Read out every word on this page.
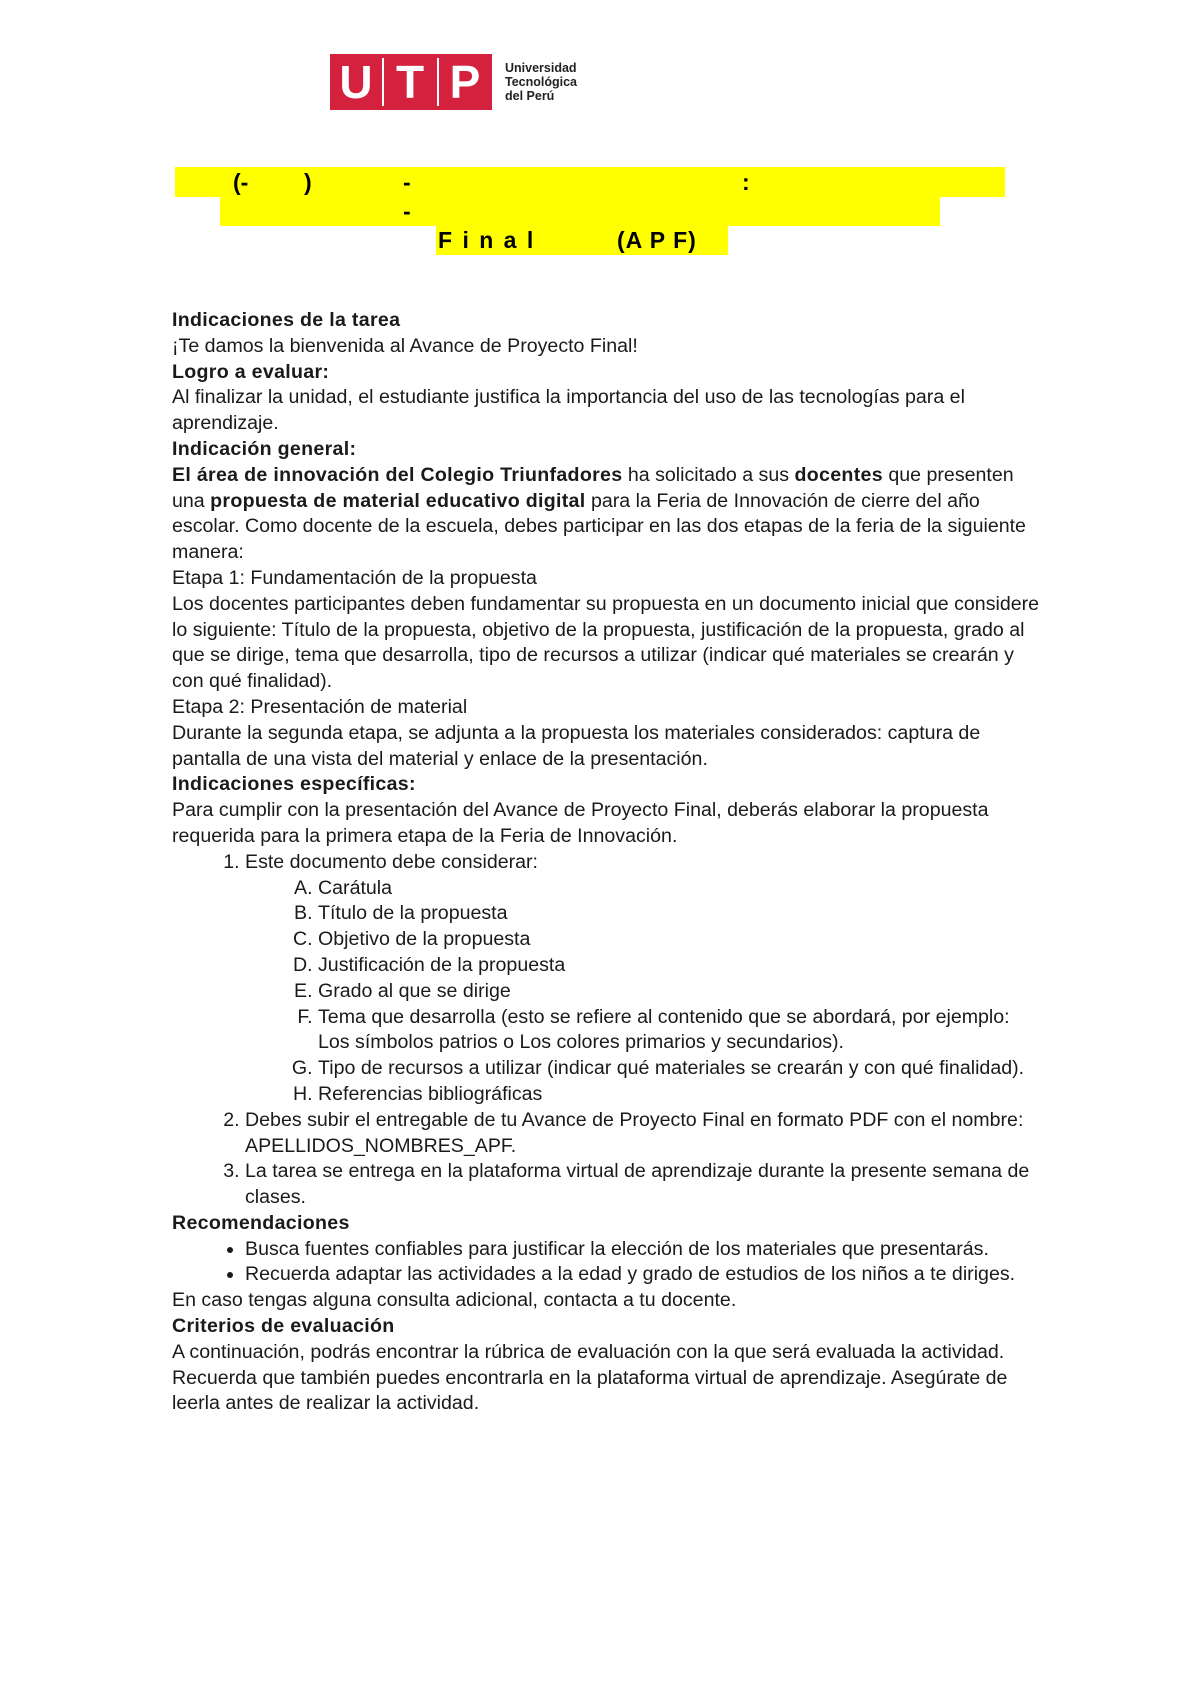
U T P	Universidad
Tecnológica
del Perú
(- )	-	:
-
F i n a l	(A P F)

Indicaciones de la tarea

¡Te damos la bienvenida al Avance de Proyecto Final!

Logro a evaluar:

Al finalizar la unidad, el estudiante justifica la importancia del uso de las tecnologías para el aprendizaje.

Indicación general:

El área de innovación del Colegio Triunfadores ha solicitado a sus docentes que presenten una propuesta de material educativo digital para la Feria de Innovación de cierre del año escolar. Como docente de la escuela, debes participar en las dos etapas de la feria de la siguiente manera:

Etapa 1: Fundamentación de la propuesta

Los docentes participantes deben fundamentar su propuesta en un documento inicial que considere lo siguiente: Título de la propuesta, objetivo de la propuesta, justificación de la propuesta, grado al que se dirige, tema que desarrolla, tipo de recursos a utilizar (indicar qué materiales se crearán y con qué finalidad).

Etapa 2: Presentación de material

Durante la segunda etapa, se adjunta a la propuesta los materiales considerados: captura de pantalla de una vista del material y enlace de la presentación.

Indicaciones específicas:

Para cumplir con la presentación del Avance de Proyecto Final, deberás elaborar la propuesta requerida para la primera etapa de la Feria de Innovación.

1. Este documento debe considerar:
A. Carátula
B. Título de la propuesta
C. Objetivo de la propuesta
D. Justificación de la propuesta
E. Grado al que se dirige
F. Tema que desarrolla (esto se refiere al contenido que se abordará, por ejemplo: Los símbolos patrios o Los colores primarios y secundarios).
G. Tipo de recursos a utilizar (indicar qué materiales se crearán y con qué finalidad).
H. Referencias bibliográficas
2. Debes subir el entregable de tu Avance de Proyecto Final en formato PDF con el nombre: APELLIDOS_NOMBRES_APF.
3. La tarea se entrega en la plataforma virtual de aprendizaje durante la presente semana de clases.

Recomendaciones

• Busca fuentes confiables para justificar la elección de los materiales que presentarás.
• Recuerda adaptar las actividades a la edad y grado de estudios de los niños a te diriges.

En caso tengas alguna consulta adicional, contacta a tu docente.

Criterios de evaluación

A continuación, podrás encontrar la rúbrica de evaluación con la que será evaluada la actividad. Recuerda que también puedes encontrarla en la plataforma virtual de aprendizaje. Asegúrate de leerla antes de realizar la actividad.
